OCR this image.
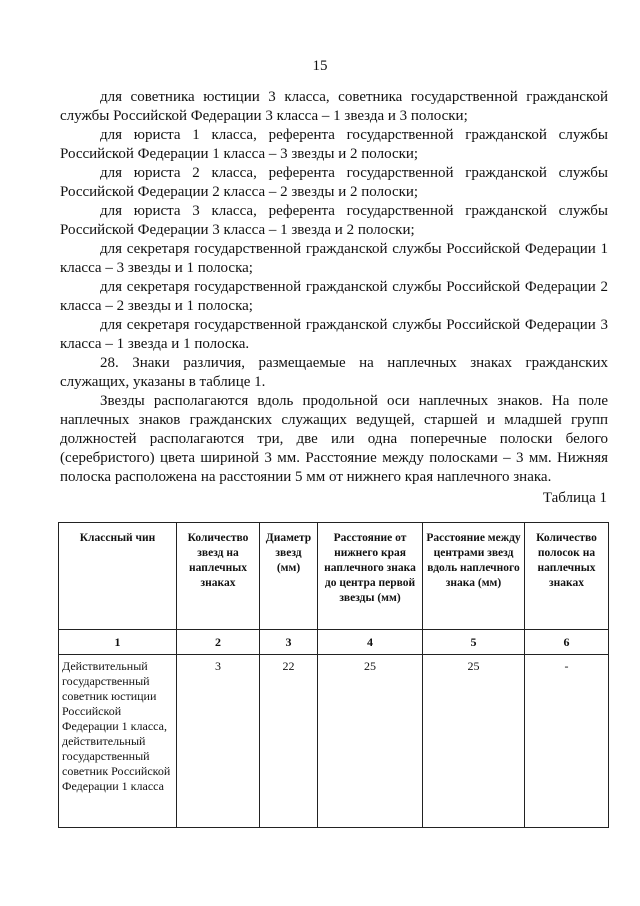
15

для советника юстиции 3 класса, советника государственной гражданской службы Российской Федерации 3 класса – 1 звезда и 3 полоски;

для юриста 1 класса, референта государственной гражданской службы Российской Федерации 1 класса – 3 звезды и 2 полоски;

для юриста 2 класса, референта государственной гражданской службы Российской Федерации 2 класса – 2 звезды и 2 полоски;

для юриста 3 класса, референта государственной гражданской службы Российской Федерации 3 класса – 1 звезда и 2 полоски;

для секретаря государственной гражданской службы Российской Федерации 1 класса – 3 звезды и 1 полоска;

для секретаря государственной гражданской службы Российской Федерации 2 класса – 2 звезды и 1 полоска;

для секретаря государственной гражданской службы Российской Федерации 3 класса – 1 звезда и 1 полоска.

28. Знаки различия, размещаемые на наплечных знаках гражданских служащих, указаны в таблице 1.

Звезды располагаются вдоль продольной оси наплечных знаков. На поле наплечных знаков гражданских служащих ведущей, старшей и младшей групп должностей располагаются три, две или одна поперечные полоски белого (серебристого) цвета шириной 3 мм. Расстояние между полосками – 3 мм. Нижняя полоска расположена на расстоянии 5 мм от нижнего края наплечного знака.

Таблица 1
Классный чин	Количество звезд на наплечных знаках	Диаметр звезд (мм)	Расстояние от нижнего края наплечного знака до центра первой звезды (мм)	Расстояние между центрами звезд вдоль наплечного знака (мм)	Количество полосок на наплечных знаках
1	2	3	4	5	6
Действительный государственный советник юстиции Российской Федерации 1 класса, действительный государственный советник Российской Федерации 1 класса	3	22	25	25	-
